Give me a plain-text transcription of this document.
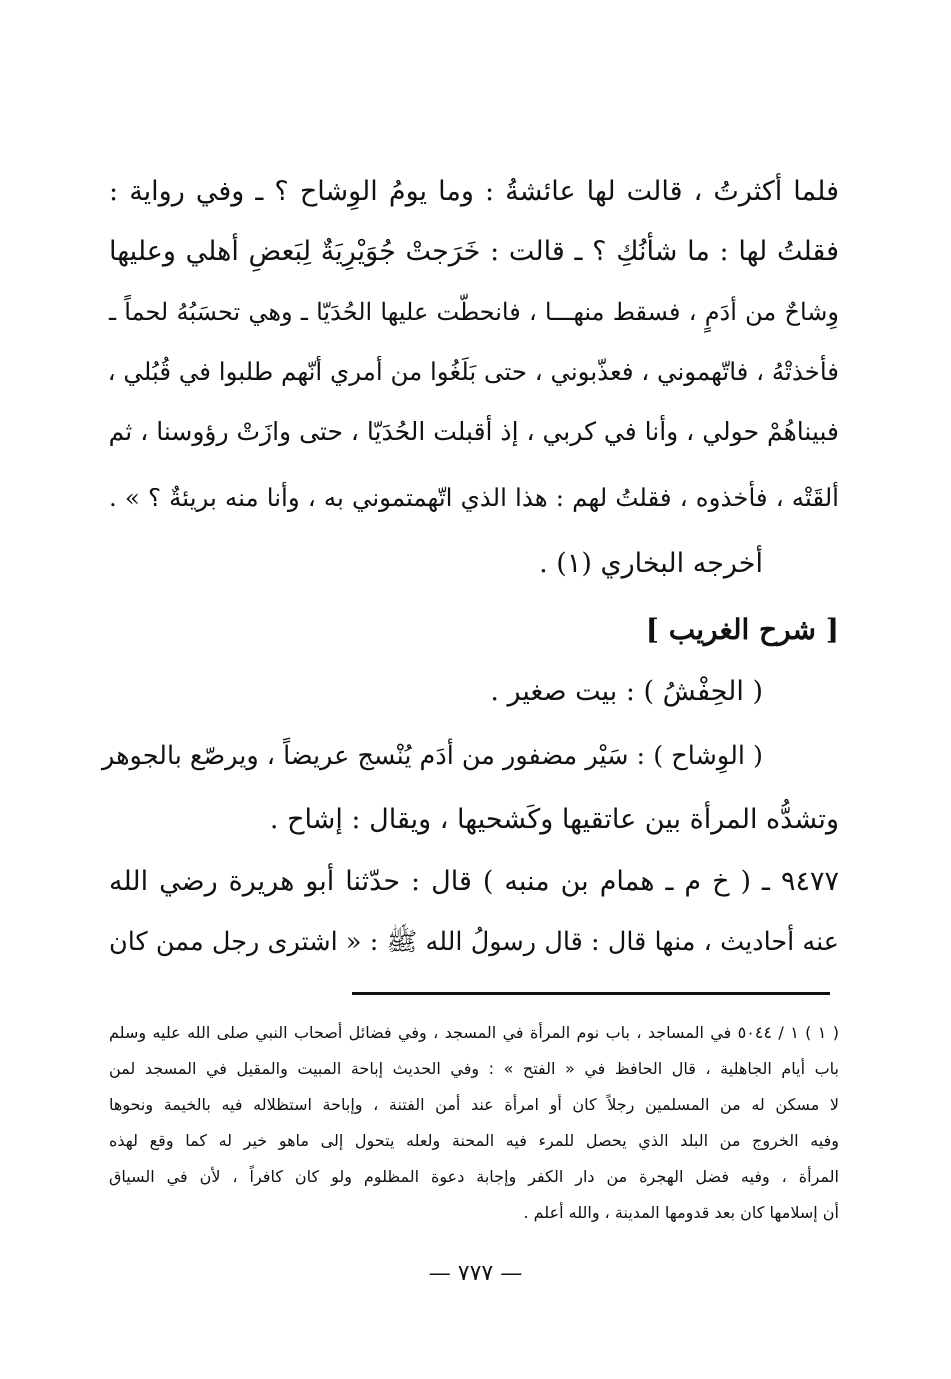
فلما أكثرتُ ، قالت لها عائشةُ : وما يومُ الوِشاح ؟ ـ وفي رواية :
فقلتُ لها : ما شأنُكِ ؟ ـ قالت : خَرَجتْ جُوَيْرِيَةٌ لِبَعضِ أهلي وعليها
وِشاحٌ من أدَمٍ ، فسقط منهـــا ، فانحطّت عليها الحُدَيّا ـ وهي تحسَبُهُ لحماً ـ
فأخذتْهُ ، فاتّهموني ، فعذّبوني ، حتى بَلَغُوا من أمري أنّهم طلبوا في قُبُلي ،
فبيناهُمْ حولي ، وأنا في كربي ، إذ أقبلت الحُدَيّا ، حتى وازَتْ رؤوسنا ، ثم
ألقَتْه ، فأخذوه ، فقلتُ لهم : هذا الذي اتّهمتموني به ، وأنا منه بريئةٌ ؟ » .
أخرجه البخاري (١) .
[ شرح الغريب ]
( الحِفْشُ ) : بيت صغير .
( الوِشاح ) : سَيْر مضفور من أدَم يُنْسج عريضاً ، ويرصّع بالجوهر
وتشدُّه المرأة بين عاتقيها وكَشحيها ، ويقال : إشاح .
٩٤٧٧ ـ ( خ م ـ همام بن منبه ) قال : حدّثنا أبو هريرة رضي الله
عنه أحاديث ، منها قال : قال رسولُ الله ﷺ : « اشترى رجل ممن كان
( ١ ) ١ / ٥٠٤٤ في المساجد ، باب نوم المرأة في المسجد ، وفي فضائل أصحاب النبي صلى الله عليه وسلم
باب أيام الجاهلية ، قال الحافظ في « الفتح » : وفي الحديث إباحة المبيت والمقيل في المسجد لمن
لا مسكن له من المسلمين رجلاً كان أو امرأة عند أمن الفتنة ، وإباحة استظلاله فيه بالخيمة ونحوها
وفيه الخروج من البلد الذي يحصل للمرء فيه المحنة ولعله يتحول إلى ماهو خير له كما وقع لهذه
المرأة ، وفيه فضل الهجرة من دار الكفر وإجابة دعوة المظلوم ولو كان كافراً ، لأن في السياق
أن إسلامها كان بعد قدومها المدينة ، والله أعلم .
— ٧٧٧ —
